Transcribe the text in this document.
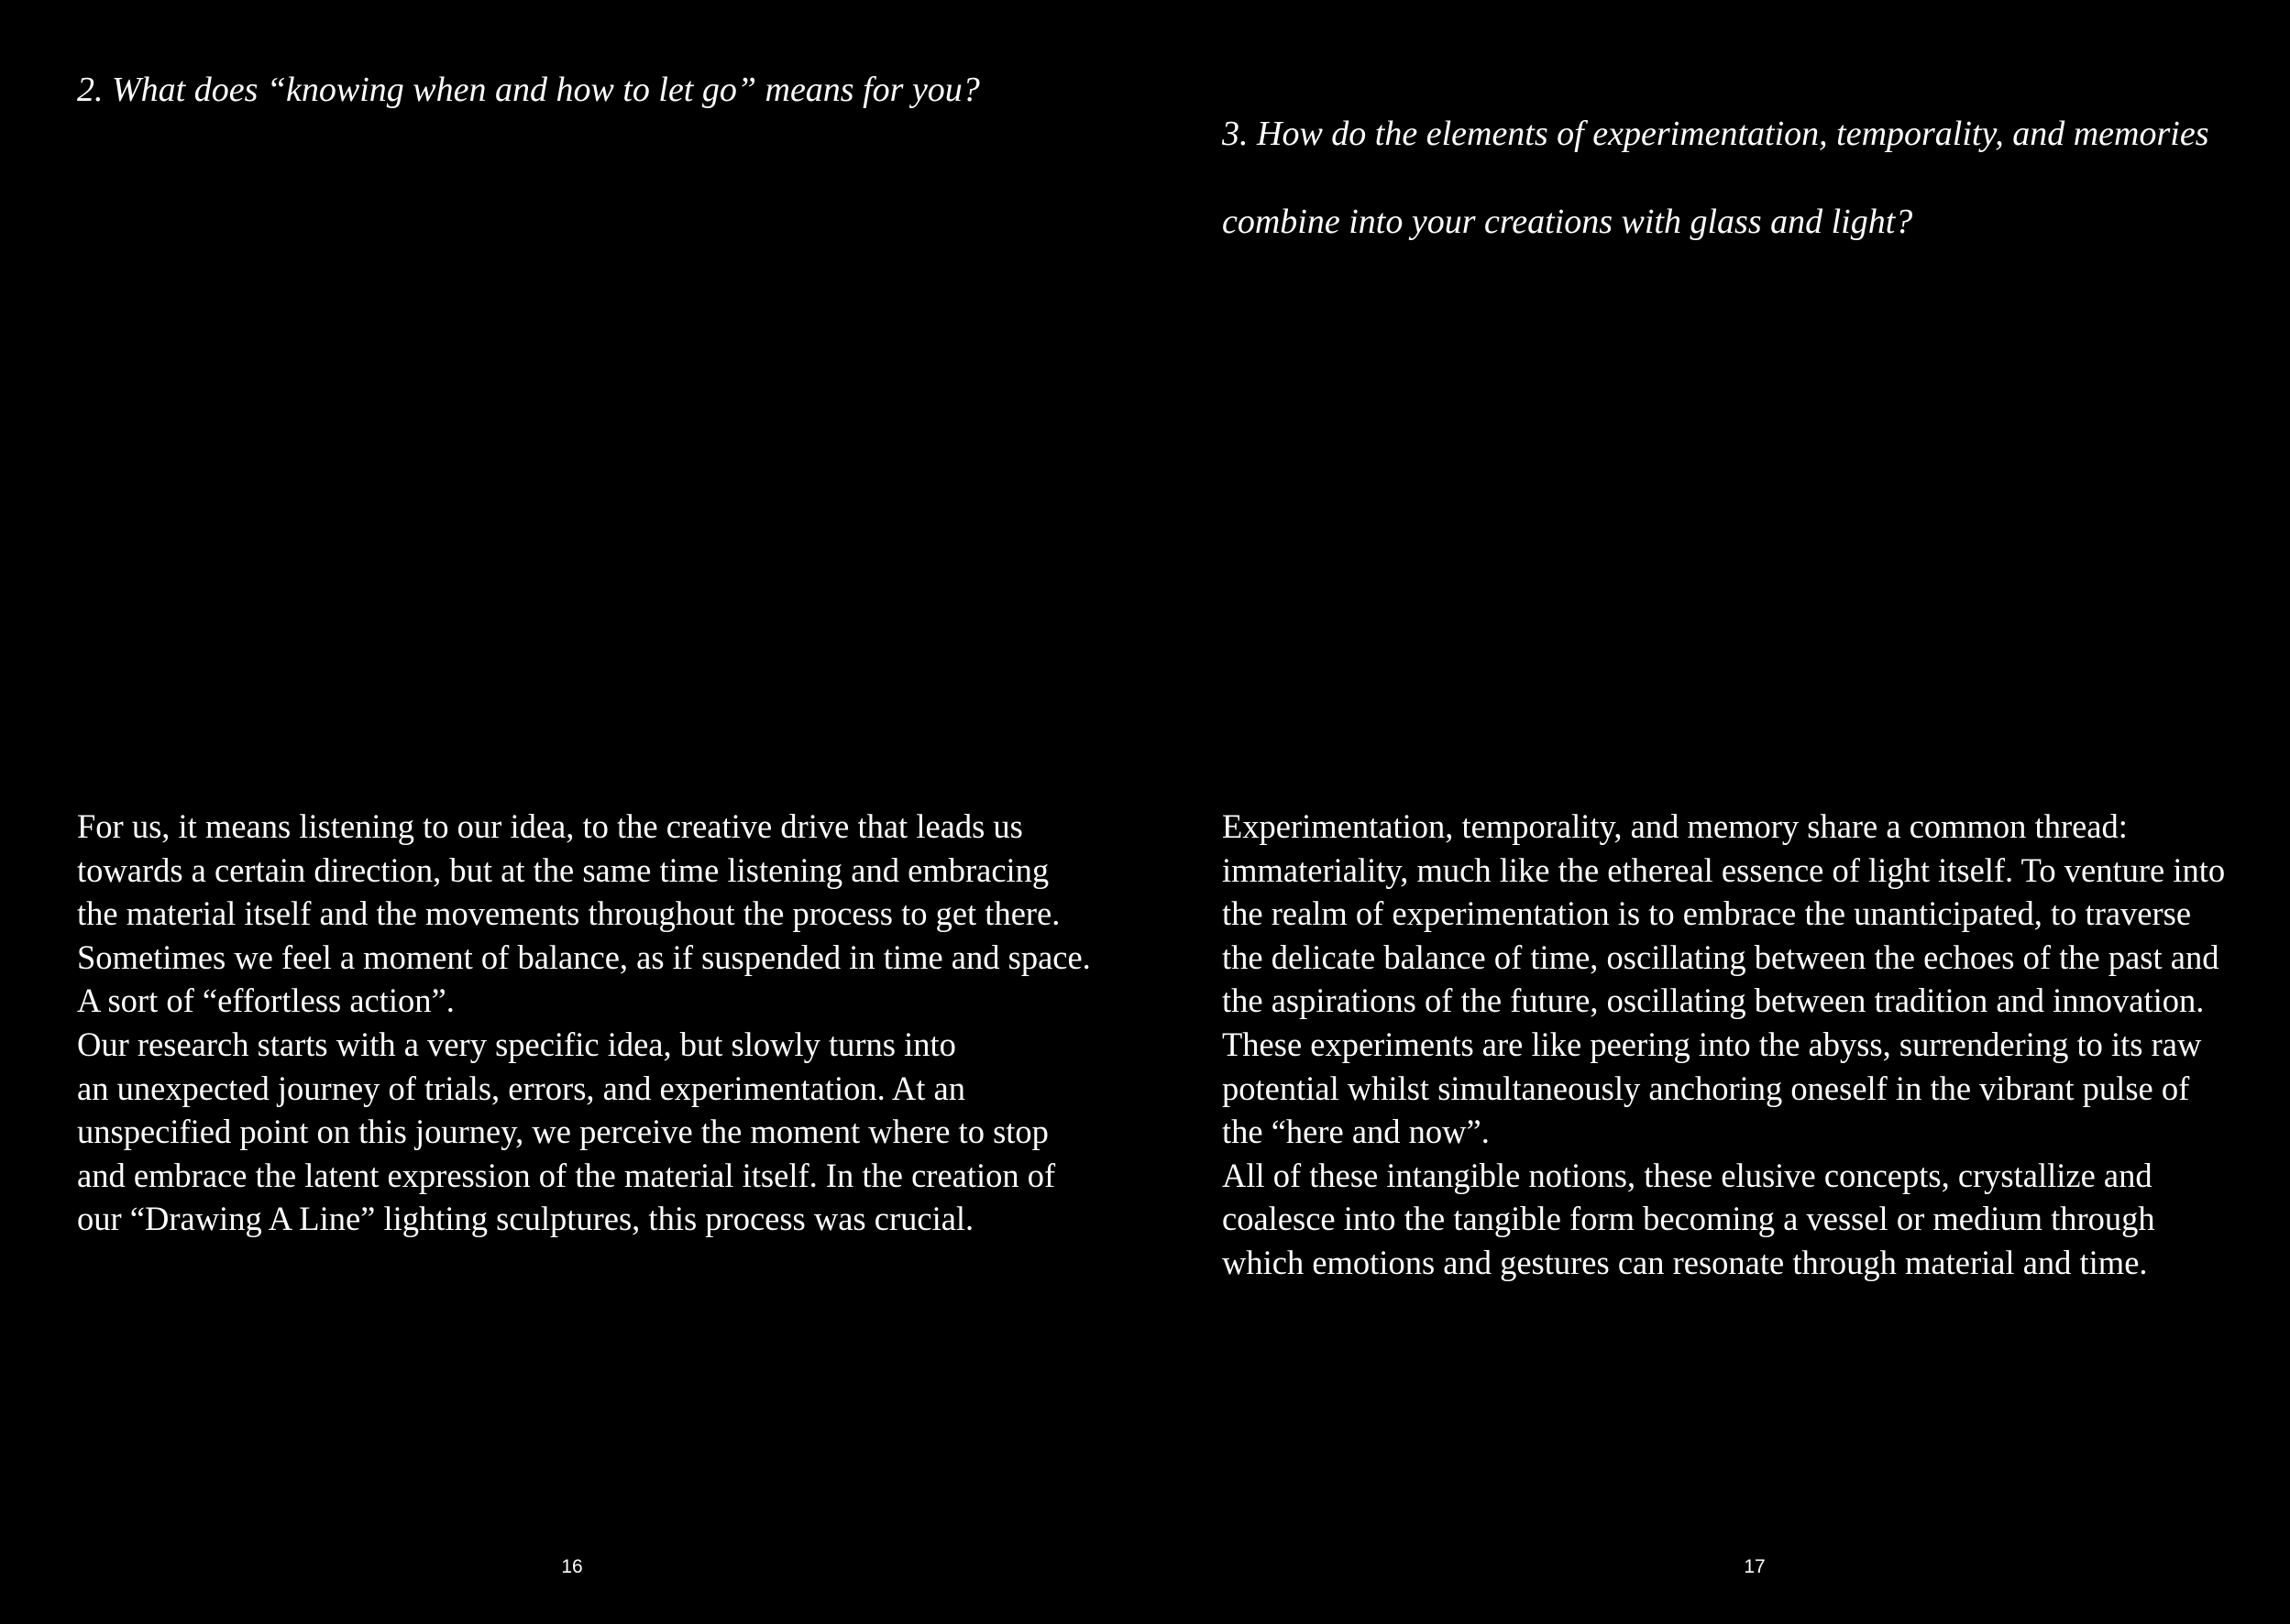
2. What does “knowing when and how to let go” means for you?

For us, it means listening to our idea, to the creative drive that leads us
towards a certain direction, but at the same time listening and embracing
the material itself and the movements throughout the process to get there.
Sometimes we feel a moment of balance, as if suspended in time and space.
A sort of “effortless action”.
Our research starts with a very specific idea, but slowly turns into
an unexpected journey of trials, errors, and experimentation. At an
unspecified point on this journey, we perceive the moment where to stop
and embrace the latent expression of the material itself. In the creation of
our “Drawing A Line” lighting sculptures, this process was crucial.

16

3. How do the elements of experimentation, temporality, and memories

combine into your creations with glass and light?

Experimentation, temporality, and memory share a common thread:
immateriality, much like the ethereal essence of light itself. To venture into
the realm of experimentation is to embrace the unanticipated, to traverse
the delicate balance of time, oscillating between the echoes of the past and
the aspirations of the future, oscillating between tradition and innovation.
These experiments are like peering into the abyss, surrendering to its raw
potential whilst simultaneously anchoring oneself in the vibrant pulse of
the “here and now”.
All of these intangible notions, these elusive concepts, crystallize and
coalesce into the tangible form becoming a vessel or medium through
which emotions and gestures can resonate through material and time.

17
